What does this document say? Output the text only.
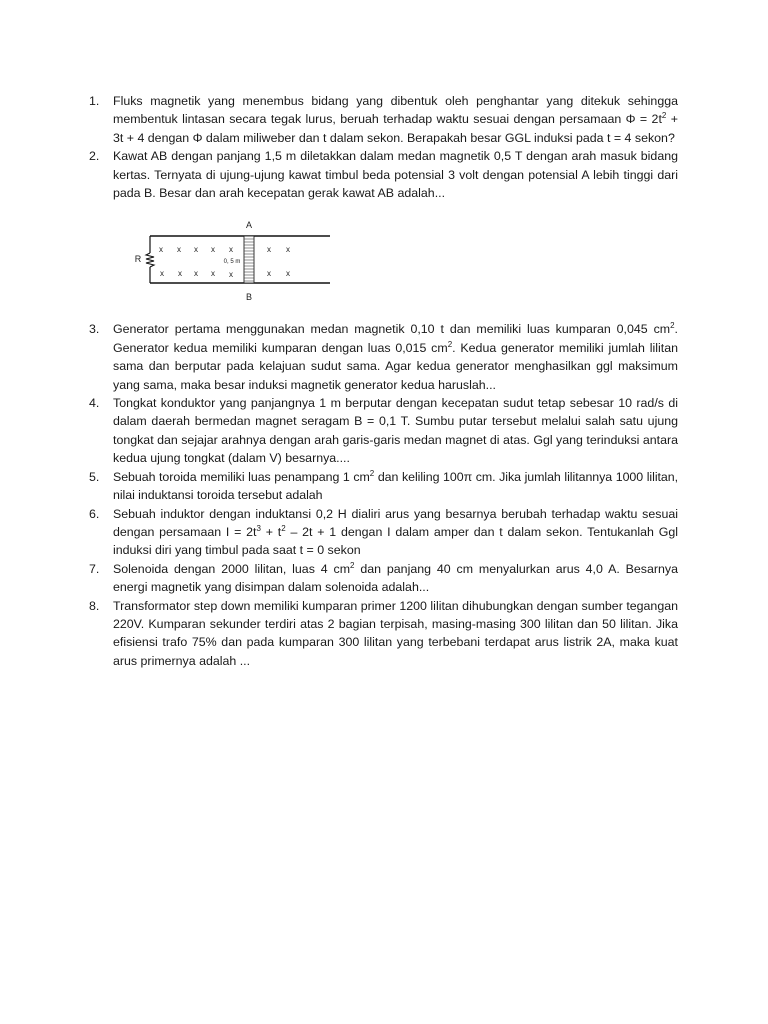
1. Fluks magnetik yang menembus bidang yang dibentuk oleh penghantar yang ditekuk sehingga membentuk lintasan secara tegak lurus, beruah terhadap waktu sesuai dengan persamaan $\Phi = 2t^2 + 3t + 4$ dengan Φ dalam miliweber dan t dalam sekon. Berapakah besar GGL induksi pada t = 4 sekon?
2. Kawat AB dengan panjang 1,5 m diletakkan dalam medan magnetik 0,5 T dengan arah masuk bidang kertas. Ternyata di ujung-ujung kawat timbul beda potensial 3 volt dengan potensial A lebih tinggi dari pada B. Besar dan arah kecepatan gerak kawat AB adalah...
A
B
R	0, 5 m
x x x x x	x x
x x x x x	x x
3. Generator pertama menggunakan medan magnetik 0,10 t dan memiliki luas kumparan 0,045 $cm^2$. Generator kedua memiliki kumparan dengan luas 0,015 $cm^2$. Kedua generator memiliki jumlah lilitan sama dan berputar pada kelajuan sudut sama. Agar kedua generator menghasilkan ggl maksimum yang sama, maka besar induksi magnetik generator kedua haruslah...
4. Tongkat konduktor yang panjangnya 1 m berputar dengan kecepatan sudut tetap sebesar 10 rad/s di dalam daerah bermedan magnet seragam B = 0,1 T. Sumbu putar tersebut melalui salah satu ujung tongkat dan sejajar arahnya dengan arah garis-garis medan magnet di atas. Ggl yang terinduksi antara kedua ujung tongkat (dalam V) besarnya....
5. Sebuah toroida memiliki luas penampang 1 $cm^2$ dan keliling 100π cm. Jika jumlah lilitannya 1000 lilitan, nilai induktansi toroida tersebut adalah
6. Sebuah induktor dengan induktansi 0,2 H dialiri arus yang besarnya berubah terhadap waktu sesuai dengan persamaan $I = 2t^3 + t^2 - 2t + 1$ dengan I dalam amper dan t dalam sekon. Tentukanlah Ggl induksi diri yang timbul pada saat t = 0 sekon
7. Solenoida dengan 2000 lilitan, luas 4 $cm^2$ dan panjang 40 cm menyalurkan arus 4,0 A. Besarnya energi magnetik yang disimpan dalam solenoida adalah...
8. Transformator step down memiliki kumparan primer 1200 lilitan dihubungkan dengan sumber tegangan 220V. Kumparan sekunder terdiri atas 2 bagian terpisah, masing-masing 300 lilitan dan 50 lilitan. Jika efisiensi trafo 75% dan pada kumparan 300 lilitan yang terbebani terdapat arus listrik 2A, maka kuat arus primernya adalah ...
